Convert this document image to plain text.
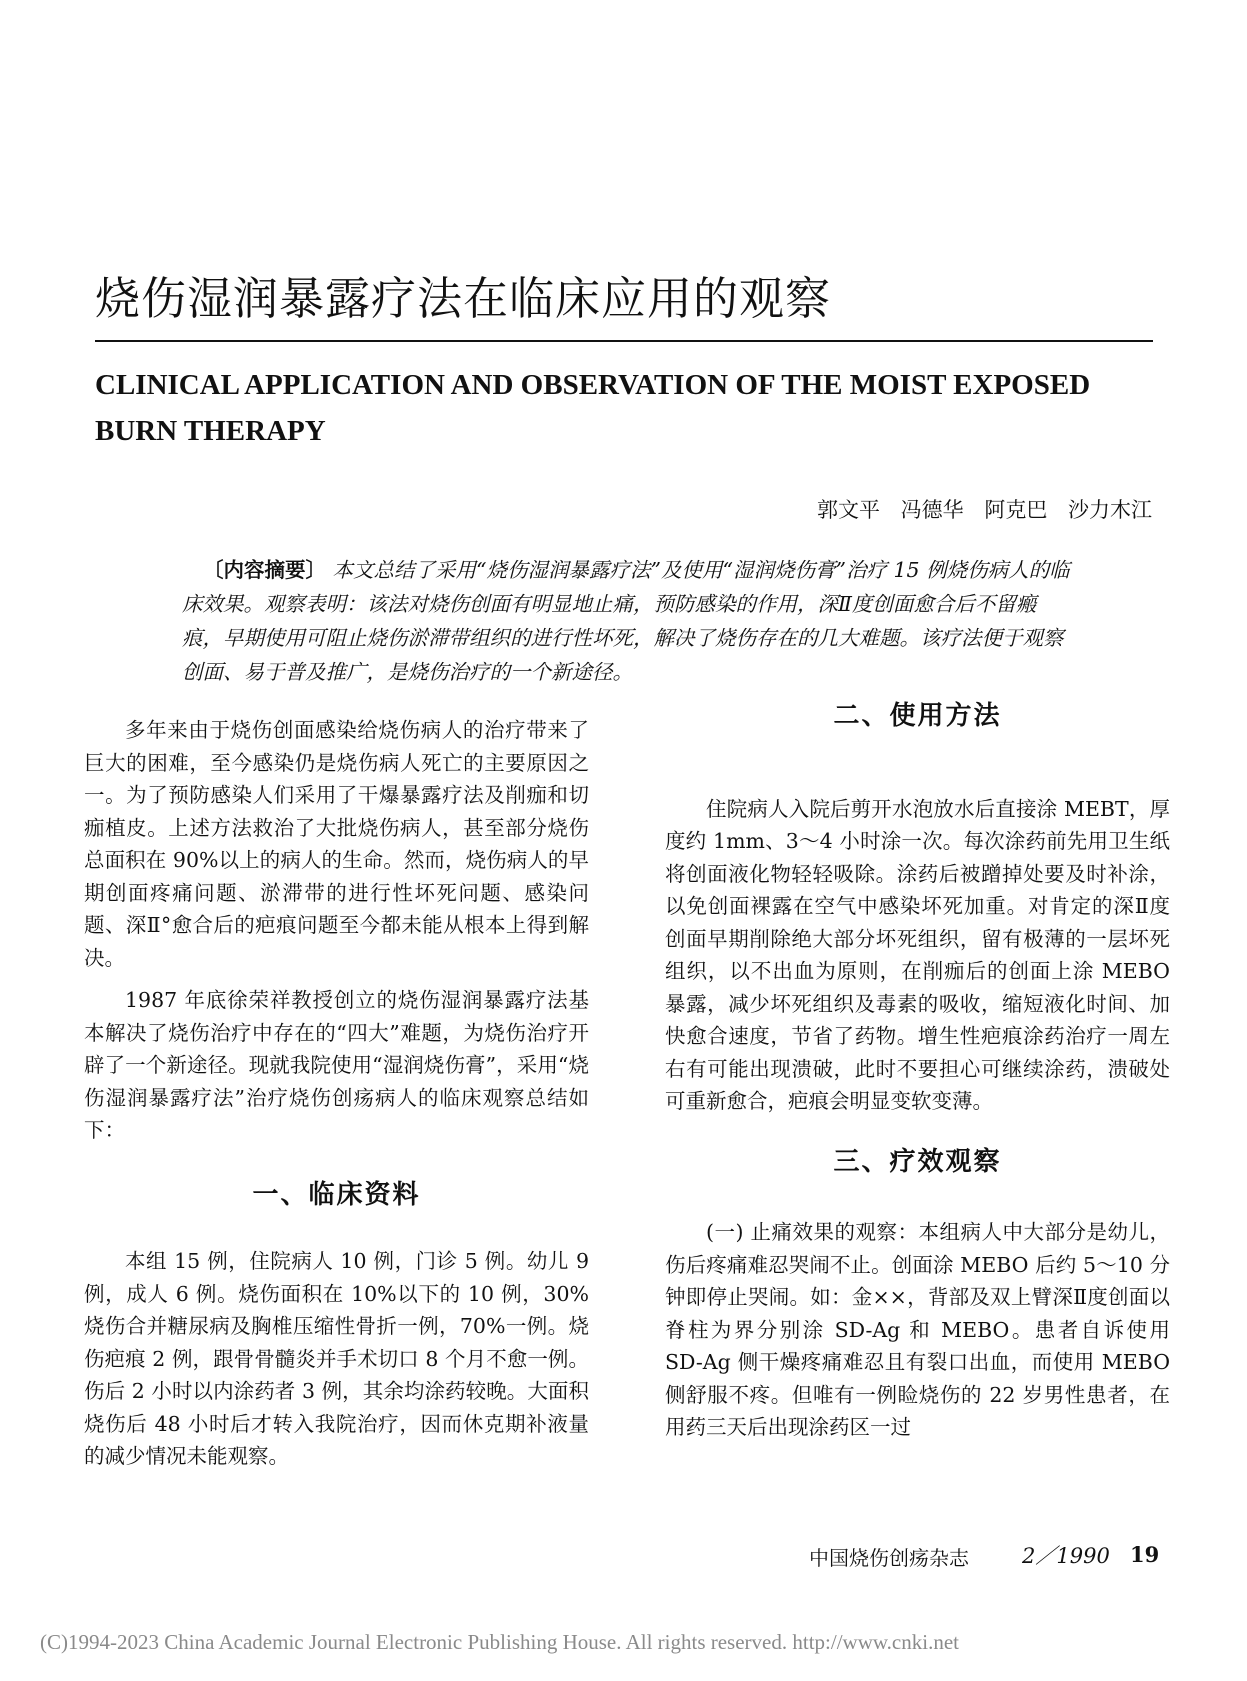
烧伤湿润暴露疗法在临床应用的观察
CLINICAL APPLICATION AND OBSERVATION OF THE MOIST EXPOSED BURN THERAPY
郭文平 冯德华 阿克巴 沙力木江
〔内容摘要〕 本文总结了采用“烧伤湿润暴露疗法”及使用“湿润烧伤膏”治疗 15 例烧伤病人的临床效果。观察表明：该法对烧伤创面有明显地止痛，预防感染的作用，深Ⅱ度创面愈合后不留瘢痕，早期使用可阻止烧伤淤滞带组织的进行性坏死，解决了烧伤存在的几大难题。该疗法便于观察创面、易于普及推广，是烧伤治疗的一个新途径。

多年来由于烧伤创面感染给烧伤病人的治疗带来了巨大的困难，至今感染仍是烧伤病人死亡的主要原因之一。为了预防感染人们采用了干爆暴露疗法及削痂和切痂植皮。上述方法救治了大批烧伤病人，甚至部分烧伤总面积在 90%以上的病人的生命。然而，烧伤病人的早期创面疼痛问题、淤滞带的进行性坏死问题、感染问题、深Ⅱ°愈合后的疤痕问题至今都未能从根本上得到解决。

1987 年底徐荣祥教授创立的烧伤湿润暴露疗法基本解决了烧伤治疗中存在的“四大”难题，为烧伤治疗开辟了一个新途径。现就我院使用“湿润烧伤膏”，采用“烧伤湿润暴露疗法”治疗烧伤创疡病人的临床观察总结如下：

一、临床资料

本组 15 例，住院病人 10 例，门诊 5 例。幼儿 9 例，成人 6 例。烧伤面积在 10%以下的 10 例，30%烧伤合并糖尿病及胸椎压缩性骨折一例，70%一例。烧伤疤痕 2 例，跟骨骨髓炎并手术切口 8 个月不愈一例。伤后 2 小时以内涂药者 3 例，其余均涂药较晚。大面积烧伤后 48 小时后才转入我院治疗，因而休克期补液量的减少情况未能观察。

二、使用方法

住院病人入院后剪开水泡放水后直接涂 MEBT，厚度约 1mm、3～4 小时涂一次。每次涂药前先用卫生纸将创面液化物轻轻吸除。涂药后被蹭掉处要及时补涂，以免创面裸露在空气中感染坏死加重。对肯定的深Ⅱ度创面早期削除绝大部分坏死组织，留有极薄的一层坏死组织，以不出血为原则，在削痂后的创面上涂 MEBO 暴露，减少坏死组织及毒素的吸收，缩短液化时间、加快愈合速度，节省了药物。增生性疤痕涂药治疗一周左右有可能出现溃破，此时不要担心可继续涂药，溃破处可重新愈合，疤痕会明显变软变薄。

三、疗效观察

(一) 止痛效果的观察：本组病人中大部分是幼儿，伤后疼痛难忍哭闹不止。创面涂 MEBO 后约 5～10 分钟即停止哭闹。如：金××，背部及双上臂深Ⅱ度创面以脊柱为界分别涂 SD-Ag 和 MEBO。患者自诉使用 SD-Ag 侧干燥疼痛难忍且有裂口出血，而使用 MEBO 侧舒服不疼。但唯有一例睑烧伤的 22 岁男性患者，在用药三天后出现涂药区一过

中国烧伤创疡杂志	2／1990 19
(C)1994-2023 China Academic Journal Electronic Publishing House. All rights reserved. http://www.cnki.net
